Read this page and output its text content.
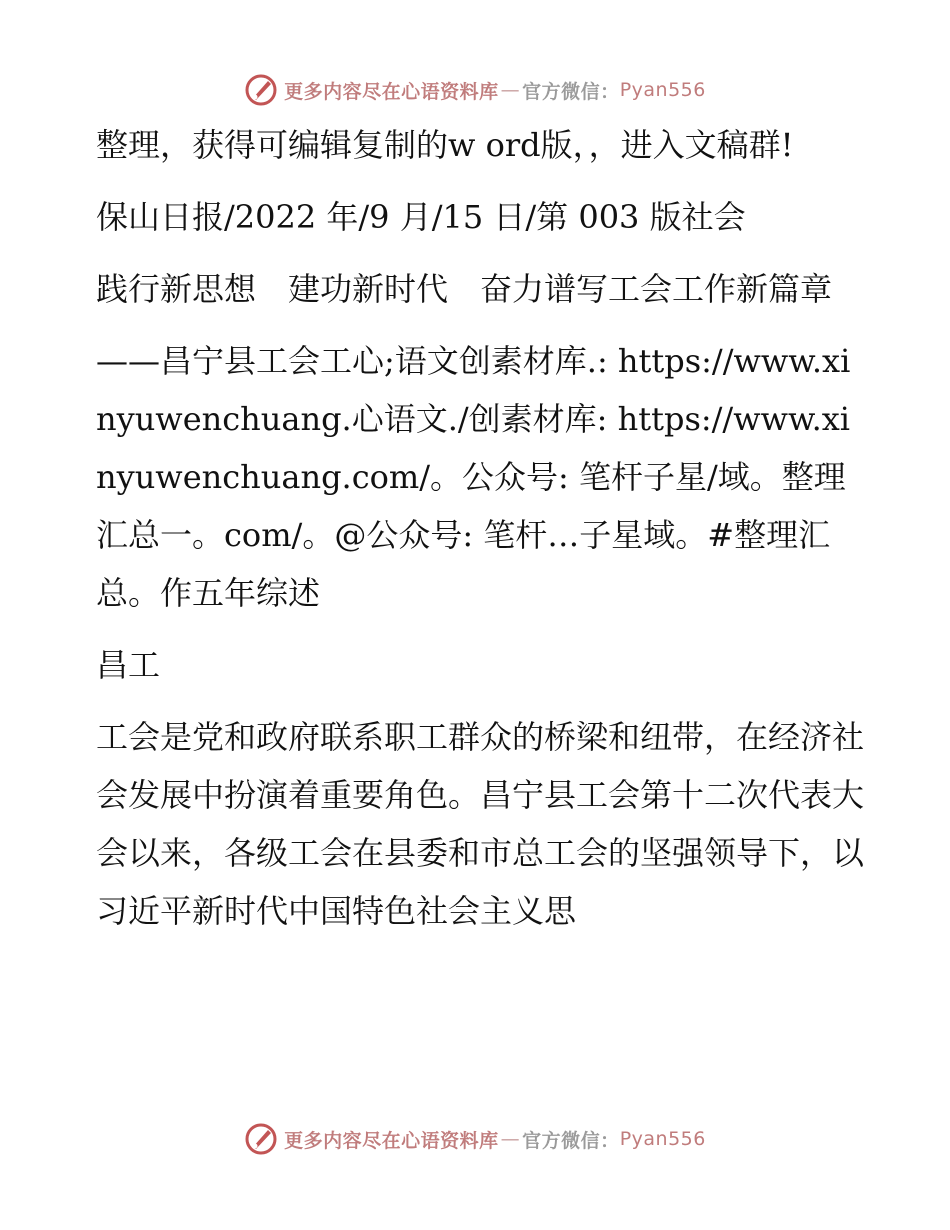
更多内容尽在心语资料库 — 官方微信： Pyan556

整理，获得可编辑复制的w ord版，，进入文稿群!

保山日报/2022 年/9 月/15 日/第 003 版社会

践行新思想　建功新时代　奋力谱写工会工作新篇章

——昌宁县工会工心;语文创素材库.: https://www.xinyuwenchuang.心语文./创素材库: https://www.xinyuwenchuang.com/。公众号: 笔杆子星/域。整理汇总一。com/。@公众号: 笔杆…子星域。#整理汇总。作五年综述

昌工

工会是党和政府联系职工群众的桥梁和纽带，在经济社会发展中扮演着重要角色。昌宁县工会第十二次代表大会以来，各级工会在县委和市总工会的坚强领导下，以习近平新时代中国特色社会主义思

更多内容尽在心语资料库 — 官方微信： Pyan556
